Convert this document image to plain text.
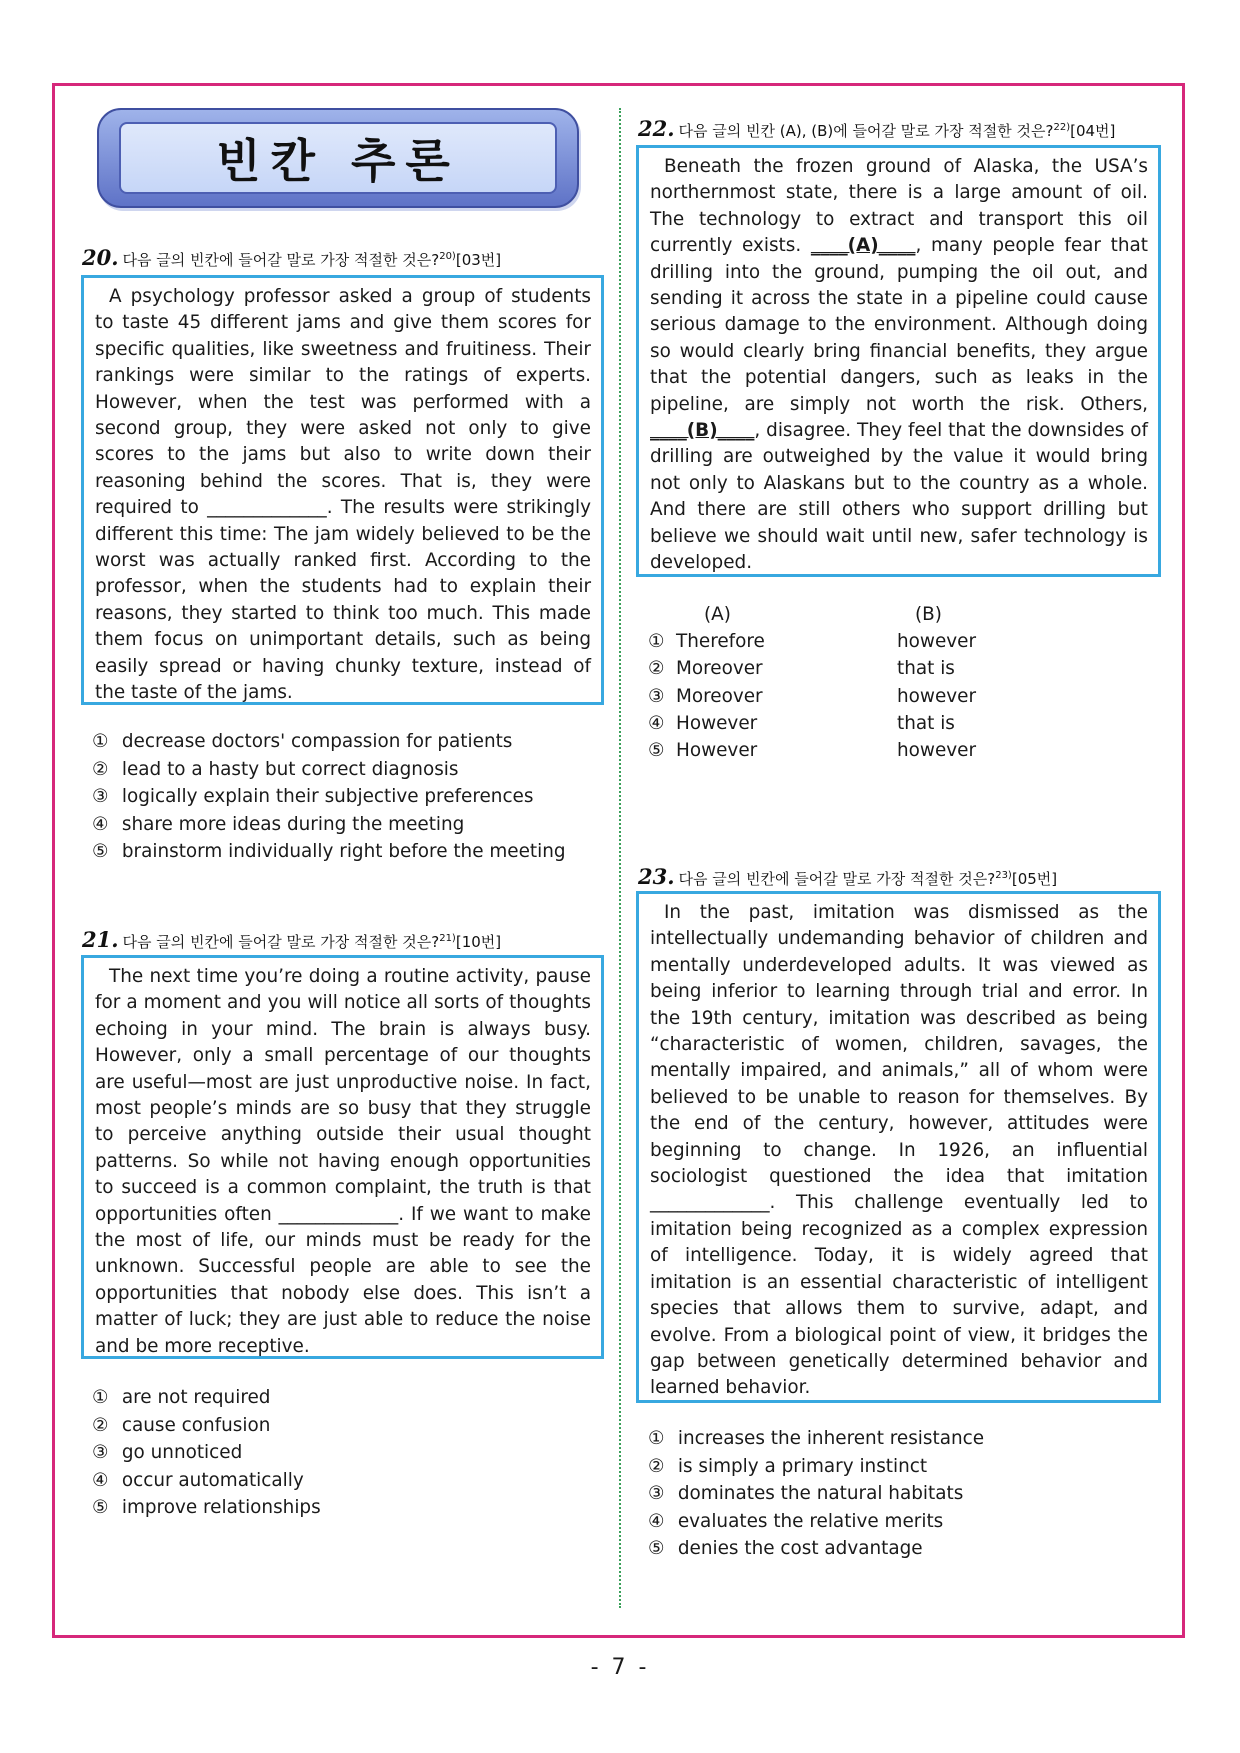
빈칸 추론
20. 다음 글의 빈칸에 들어갈 말로 가장 적절한 것은?$^{20)}$[03번]

A psychology professor asked a group of students to taste 45 different jams and give them scores for specific qualities, like sweetness and fruitiness. Their rankings were similar to the ratings of experts. However, when the test was performed with a second group, they were asked not only to give scores to the jams but also to write down their reasoning behind the scores. That is, they were required to _____________. The results were strikingly different this time: The jam widely believed to be the worst was actually ranked first. According to the professor, when the students had to explain their reasons, they started to think too much. This made them focus on unimportant details, such as being easily spread or having chunky texture, instead of the taste of the jams.

① decrease doctors' compassion for patients
② lead to a hasty but correct diagnosis
③ logically explain their subjective preferences
④ share more ideas during the meeting
⑤ brainstorm individually right before the meeting
21. 다음 글의 빈칸에 들어갈 말로 가장 적절한 것은?$^{21)}$[10번]

The next time you’re doing a routine activity, pause for a moment and you will notice all sorts of thoughts echoing in your mind. The brain is always busy. However, only a small percentage of our thoughts are useful—most are just unproductive noise. In fact, most people’s minds are so busy that they struggle to perceive anything outside their usual thought patterns. So while not having enough opportunities to succeed is a common complaint, the truth is that opportunities often _____________. If we want to make the most of life, our minds must be ready for the unknown. Successful people are able to see the opportunities that nobody else does. This isn’t a matter of luck; they are just able to reduce the noise and be more receptive.

① are not required
② cause confusion
③ go unnoticed
④ occur automatically
⑤ improve relationships
22. 다음 글의 빈칸 (A), (B)에 들어갈 말로 가장 적절한 것은?$^{22)}$[04번]

Beneath the frozen ground of Alaska, the USA’s northernmost state, there is a large amount of oil. The technology to extract and transport this oil currently exists. ____(A)____, many people fear that drilling into the ground, pumping the oil out, and sending it across the state in a pipeline could cause serious damage to the environment. Although doing so would clearly bring financial benefits, they argue that the potential dangers, such as leaks in the pipeline, are simply not worth the risk. Others, ____(B)____, disagree. They feel that the downsides of drilling are outweighed by the value it would bring not only to Alaskans but to the country as a whole. And there are still others who support drilling but believe we should wait until new, safer technology is developed.

(A)	(B)
① Therefore	however
② Moreover	that is
③ Moreover	however
④ However	that is
⑤ However	however
23. 다음 글의 빈칸에 들어갈 말로 가장 적절한 것은?$^{23)}$[05번]

In the past, imitation was dismissed as the intellectually undemanding behavior of children and mentally underdeveloped adults. It was viewed as being inferior to learning through trial and error. In the 19th century, imitation was described as being “characteristic of women, children, savages, the mentally impaired, and animals,” all of whom were believed to be unable to reason for themselves. By the end of the century, however, attitudes were beginning to change. In 1926, an influential sociologist questioned the idea that imitation _____________. This challenge eventually led to imitation being recognized as a complex expression of intelligence. Today, it is widely agreed that imitation is an essential characteristic of intelligent species that allows them to survive, adapt, and evolve. From a biological point of view, it bridges the gap between genetically determined behavior and learned behavior.

① increases the inherent resistance
② is simply a primary instinct
③ dominates the natural habitats
④ evaluates the relative merits
⑤ denies the cost advantage
- 7 -
